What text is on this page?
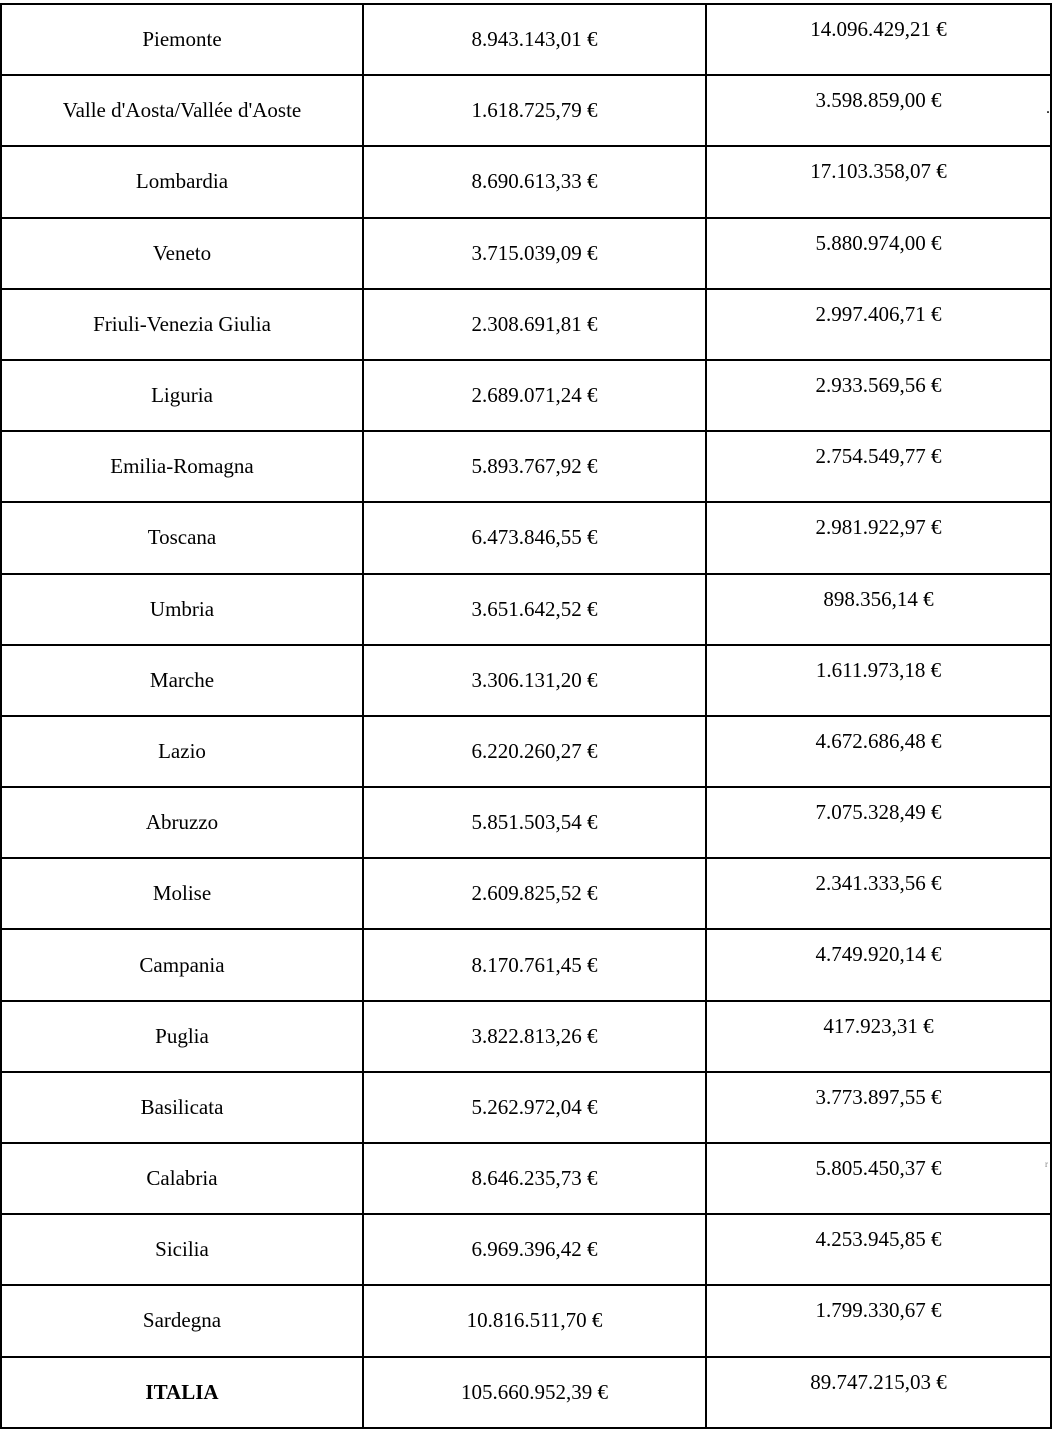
Piemonte	8.943.143,01 €	14.096.429,21 €
Valle d'Aosta/Vallée d'Aoste	1.618.725,79 €	3.598.859,00 €
Lombardia	8.690.613,33 €	17.103.358,07 €
Veneto	3.715.039,09 €	5.880.974,00 €
Friuli-Venezia Giulia	2.308.691,81 €	2.997.406,71 €
Liguria	2.689.071,24 €	2.933.569,56 €
Emilia-Romagna	5.893.767,92 €	2.754.549,77 €
Toscana	6.473.846,55 €	2.981.922,97 €
Umbria	3.651.642,52 €	898.356,14 €
Marche	3.306.131,20 €	1.611.973,18 €
Lazio	6.220.260,27 €	4.672.686,48 €
Abruzzo	5.851.503,54 €	7.075.328,49 €
Molise	2.609.825,52 €	2.341.333,56 €
Campania	8.170.761,45 €	4.749.920,14 €
Puglia	3.822.813,26 €	417.923,31 €
Basilicata	5.262.972,04 €	3.773.897,55 €
Calabria	8.646.235,73 €	5.805.450,37 €
Sicilia	6.969.396,42 €	4.253.945,85 €
Sardegna	10.816.511,70 €	1.799.330,67 €
ITALIA	105.660.952,39 €	89.747.215,03 €
.
r
